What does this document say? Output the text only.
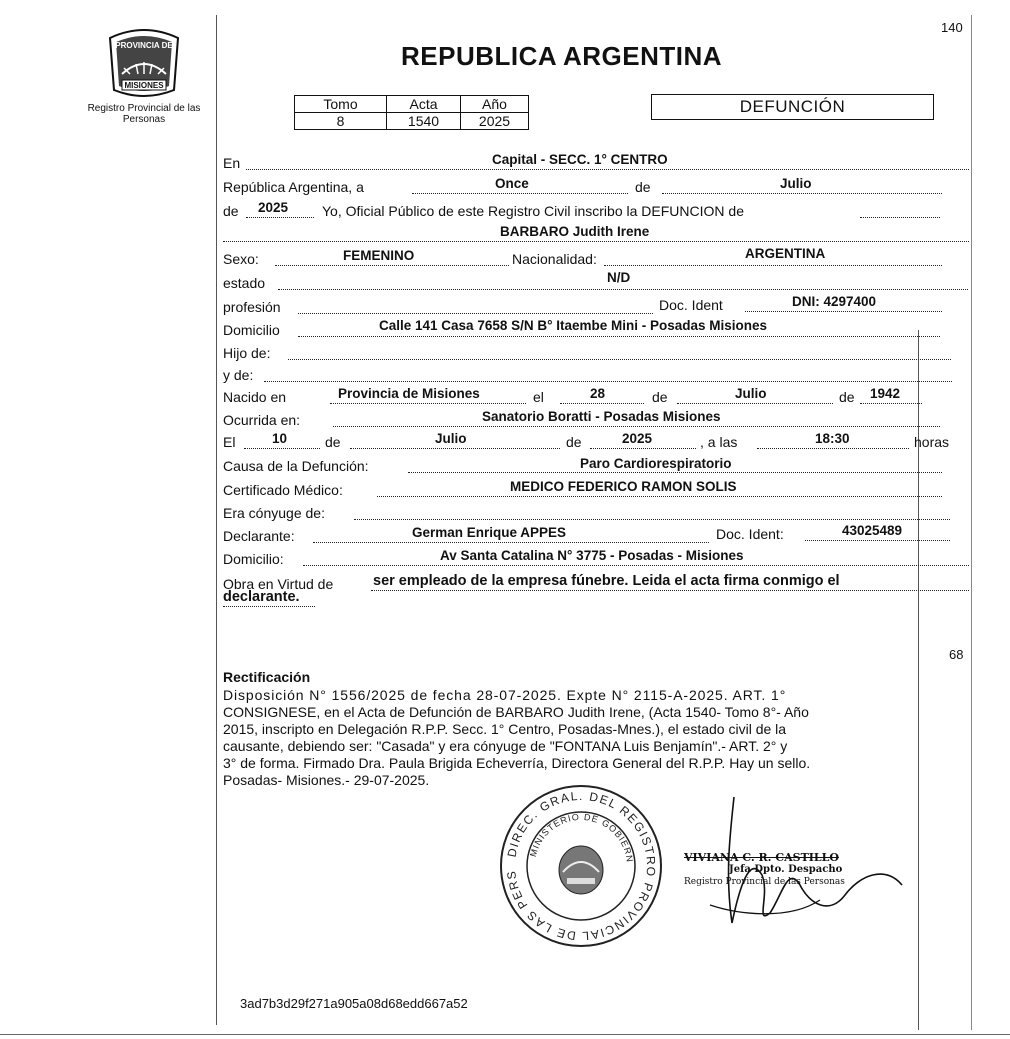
140
PROVINCIA DE
MISIONES
Registro Provincial de las Personas
REPUBLICA ARGENTINA
Tomo	Acta	Año
8	1540	2025
DEFUNCIÓN
En	Capital - SECC. 1° CENTRO
República Argentina, a	Once	de	Julio
de 2025 Yo, Oficial Público de este Registro Civil inscribo la DEFUNCION de
BARBARO Judith Irene
Sexo:	FEMENINO	Nacionalidad:	ARGENTINA
estado	N/D
profesión	Doc. Ident	DNI: 4297400
Domicilio	Calle 141 Casa 7658 S/N B° Itaembe Mini - Posadas Misiones
Hijo de:
y de:
Nacido en	Provincia de Misiones	el	28	de	Julio	de 1942
Ocurrida en:	Sanatorio Boratti - Posadas Misiones
El	10	de	Julio	de	2025	, a las	18:30	horas
Causa de la Defunción:	Paro Cardiorespiratorio
Certificado Médico:	MEDICO FEDERICO RAMON SOLIS
Era cónyuge de:
Declarante:	German Enrique APPES	Doc. Ident:	43025489
Domicilio:	Av Santa Catalina N° 3775 - Posadas - Misiones
Obra en Virtud de	ser empleado de la empresa fúnebre. Leida el acta firma conmigo el
declarante.
68
Rectificación
Disposición N° 1556/2025 de fecha 28-07-2025. Expte N° 2115-A-2025. ART. 1°
CONSIGNESE, en el Acta de Defunción de BARBARO Judith Irene, (Acta 1540- Tomo 8°- Año
2015, inscripto en Delegación R.P.P. Secc. 1° Centro, Posadas-Mnes.), el estado civil de la
causante, debiendo ser: "Casada" y era cónyuge de "FONTANA Luis Benjamín".- ART. 2° y
3° de forma. Firmado Dra. Paula Brigida Echeverría, Directora General del R.P.P. Hay un sello.
Posadas- Misiones.- 29-07-2025.
DIREC. GRAL. DEL REGISTRO PROVINCIAL DE LAS PERS
MINISTERIO DE GOBIERN	VIVIANA C. R. CASTILLO
Jefa Dpto. Despacho
Registro Provincial de las Personas
3ad7b3d29f271a905a08d68edd667a52
